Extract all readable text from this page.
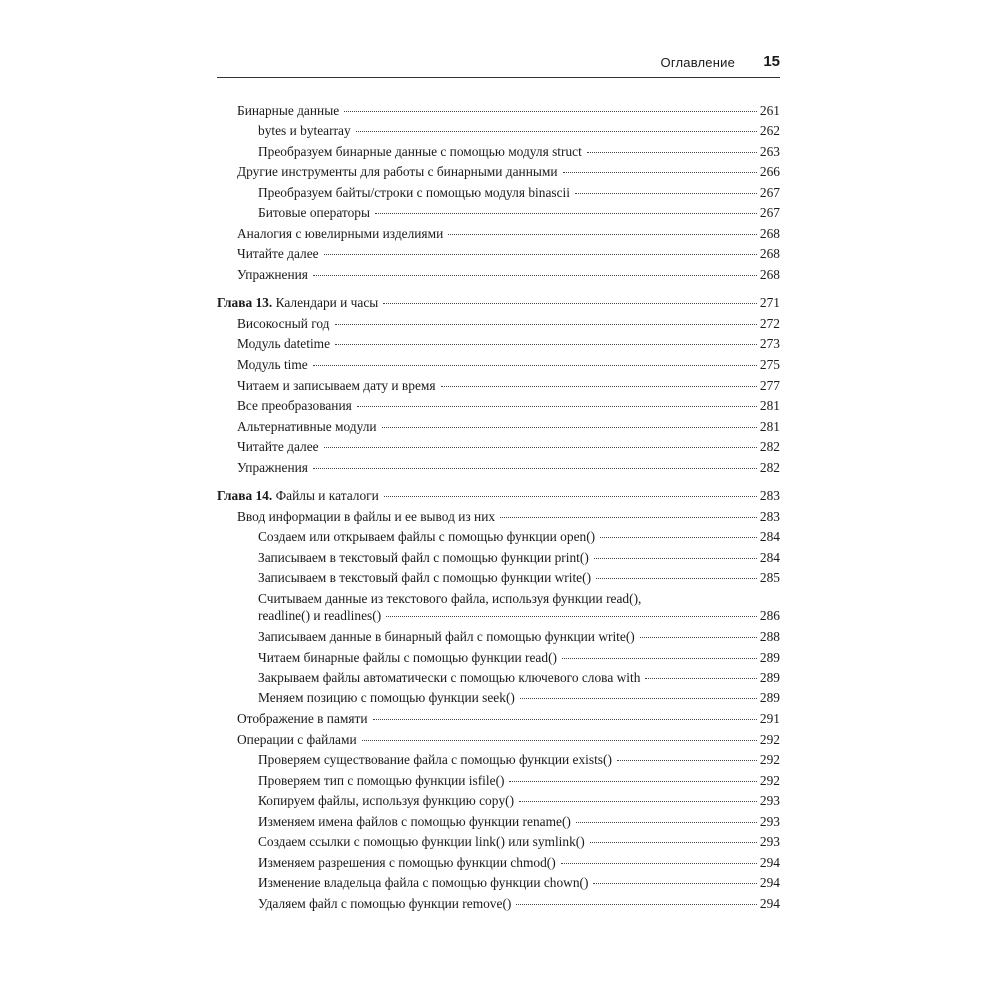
Оглавление 15
Бинарные данные	261
bytes и bytearray	262
Преобразуем бинарные данные с помощью модуля struct	263
Другие инструменты для работы с бинарными данными	266
Преобразуем байты/строки с помощью модуля binascii	267
Битовые операторы	267
Аналогия с ювелирными изделиями	268
Читайте далее	268
Упражнения	268
Глава 13. Календари и часы	271
Високосный год	272
Модуль datetime	273
Модуль time	275
Читаем и записываем дату и время	277
Все преобразования	281
Альтернативные модули	281
Читайте далее	282
Упражнения	282
Глава 14. Файлы и каталоги	283
Ввод информации в файлы и ее вывод из них	283
Создаем или открываем файлы с помощью функции open()	284
Записываем в текстовый файл с помощью функции print()	284
Записываем в текстовый файл с помощью функции write()	285
Считываем данные из текстового файла, используя функции read(),
readline() и readlines()	286
Записываем данные в бинарный файл с помощью функции write()	288
Читаем бинарные файлы с помощью функции read()	289
Закрываем файлы автоматически с помощью ключевого слова with	289
Меняем позицию с помощью функции seek()	289
Отображение в памяти	291
Операции с файлами	292
Проверяем существование файла с помощью функции exists()	292
Проверяем тип с помощью функции isfile()	292
Копируем файлы, используя функцию copy()	293
Изменяем имена файлов с помощью функции rename()	293
Создаем ссылки с помощью функции link() или symlink()	293
Изменяем разрешения с помощью функции chmod()	294
Изменение владельца файла с помощью функции chown()	294
Удаляем файл с помощью функции remove()	294
